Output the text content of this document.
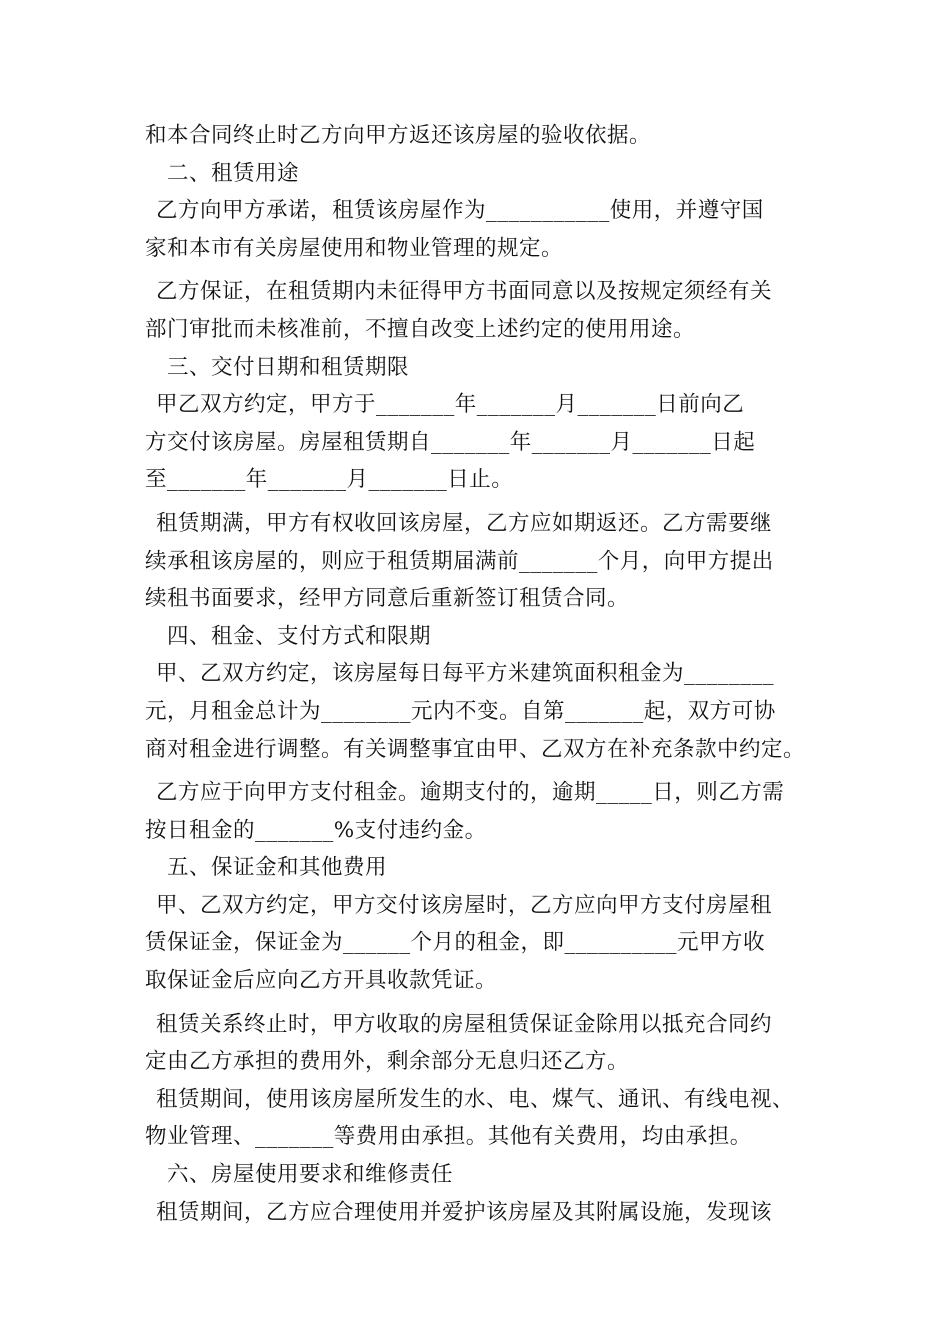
和本合同终止时乙方向甲方返还该房屋的验收依据。
二、租赁用途
乙方向甲方承诺，租赁该房屋作为___________使用，并遵守国
家和本市有关房屋使用和物业管理的规定。
乙方保证，在租赁期内未征得甲方书面同意以及按规定须经有关
部门审批而未核准前，不擅自改变上述约定的使用用途。
三、交付日期和租赁期限
甲乙双方约定，甲方于_______年_______月_______日前向乙
方交付该房屋。房屋租赁期自_______年_______月_______日起
至_______年_______月_______日止。
租赁期满，甲方有权收回该房屋，乙方应如期返还。乙方需要继
续承租该房屋的，则应于租赁期届满前_______个月，向甲方提出
续租书面要求，经甲方同意后重新签订租赁合同。
四、租金、支付方式和限期
甲、乙双方约定，该房屋每日每平方米建筑面积租金为________
元，月租金总计为________元内不变。自第_______起，双方可协
商对租金进行调整。有关调整事宜由甲、乙双方在补充条款中约定。
乙方应于向甲方支付租金。逾期支付的，逾期_____日，则乙方需
按日租金的_______%支付违约金。
五、保证金和其他费用
甲、乙双方约定，甲方交付该房屋时，乙方应向甲方支付房屋租
赁保证金，保证金为______个月的租金，即__________元甲方收
取保证金后应向乙方开具收款凭证。
租赁关系终止时，甲方收取的房屋租赁保证金除用以抵充合同约
定由乙方承担的费用外，剩余部分无息归还乙方。
租赁期间，使用该房屋所发生的水、电、煤气、通讯、有线电视、
物业管理、_______等费用由承担。其他有关费用，均由承担。
六、房屋使用要求和维修责任
租赁期间，乙方应合理使用并爱护该房屋及其附属设施，发现该
